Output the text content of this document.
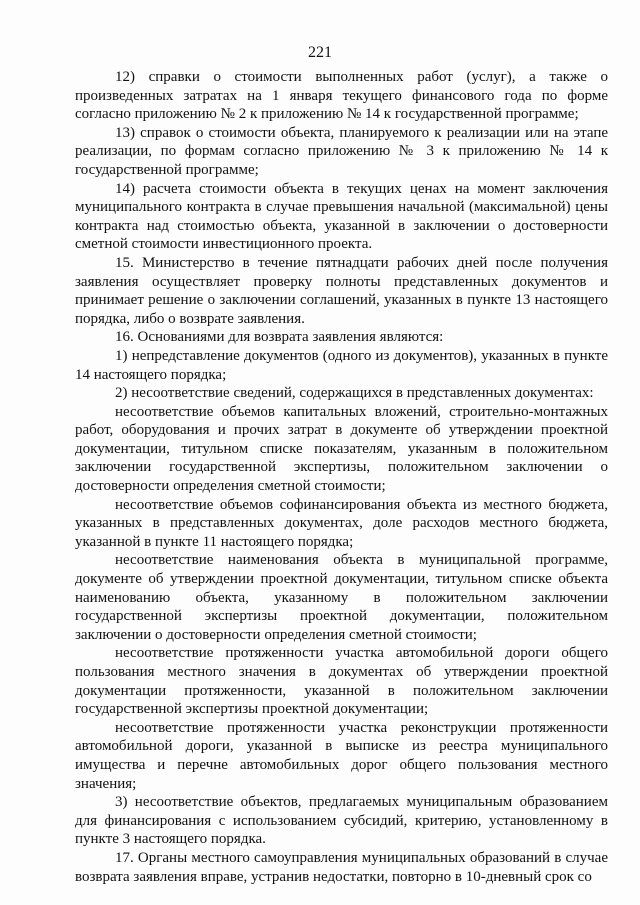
221

12) справки о стоимости выполненных работ (услуг), а также о произведенных затратах на 1 января текущего финансового года по форме согласно приложению № 2 к приложению № 14 к государственной программе;

13) справок о стоимости объекта, планируемого к реализации или на этапе реализации, по формам согласно приложению № 3 к приложению № 14 к государственной программе;

14) расчета стоимости объекта в текущих ценах на момент заключения муниципального контракта в случае превышения начальной (максимальной) цены контракта над стоимостью объекта, указанной в заключении о достоверности сметной стоимости инвестиционного проекта.

15. Министерство в течение пятнадцати рабочих дней после получения заявления осуществляет проверку полноты представленных документов и принимает решение о заключении соглашений, указанных в пункте 13 настоящего порядка, либо о возврате заявления.

16. Основаниями для возврата заявления являются:

1) непредставление документов (одного из документов), указанных в пункте 14 настоящего порядка;

2) несоответствие сведений, содержащихся в представленных документах:

несоответствие объемов капитальных вложений, строительно-монтажных работ, оборудования и прочих затрат в документе об утверждении проектной документации, титульном списке показателям, указанным в положительном заключении государственной экспертизы, положительном заключении о достоверности определения сметной стоимости;

несоответствие объемов софинансирования объекта из местного бюджета, указанных в представленных документах, доле расходов местного бюджета, указанной в пункте 11 настоящего порядка;

несоответствие наименования объекта в муниципальной программе, документе об утверждении проектной документации, титульном списке объекта наименованию объекта, указанному в положительном заключении государственной экспертизы проектной документации, положительном заключении о достоверности определения сметной стоимости;

несоответствие протяженности участка автомобильной дороги общего пользования местного значения в документах об утверждении проектной документации протяженности, указанной в положительном заключении государственной экспертизы проектной документации;

несоответствие протяженности участка реконструкции протяженности автомобильной дороги, указанной в выписке из реестра муниципального имущества и перечне автомобильных дорог общего пользования местного значения;

3) несоответствие объектов, предлагаемых муниципальным образованием для финансирования с использованием субсидий, критерию, установленному в пункте 3 настоящего порядка.

17. Органы местного самоуправления муниципальных образований в случае возврата заявления вправе, устранив недостатки, повторно в 10-дневный срок со
